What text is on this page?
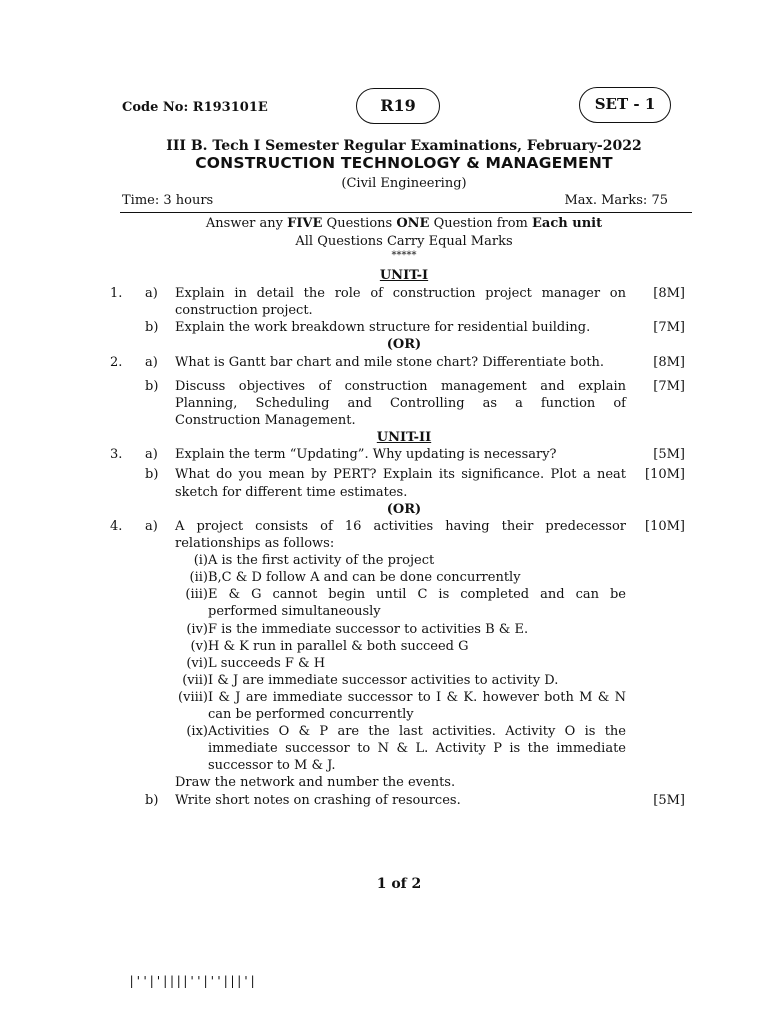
Code No: R193101E	R19	SET - 1
III B. Tech I Semester Regular Examinations, February-2022
CONSTRUCTION TECHNOLOGY & MANAGEMENT
(Civil Engineering)
Time: 3 hours	Max. Marks: 75
Answer any FIVE Questions ONE Question from Each unit
All Questions Carry Equal Marks
*****
UNIT-I
1. a) Explain in detail the role of construction project manager on
construction project.
[8M]
b) Explain the work breakdown structure for residential building.	[7M]
(OR)
2. a) What is Gantt bar chart and mile stone chart? Differentiate both.	[8M]
b) Discuss objectives of construction management and explain
Planning, Scheduling and Controlling as a function of
Construction Management.
[7M]
UNIT-II
3. a) Explain the term “Updating”. Why updating is necessary?	[5M]
b) What do you mean by PERT? Explain its significance. Plot a neat
sketch for different time estimates.
[10M]
(OR)
4. a) A project consists of 16 activities having their predecessor
relationships as follows:
[10M]
(i) A is the first activity of the project
(ii) B,C & D follow A and can be done concurrently
(iii) E & G cannot begin until C is completed and can be
performed simultaneously
(iv) F is the immediate successor to activities B & E.
(v) H & K run in parallel & both succeed G
(vi) L succeeds F & H
(vii) I & J are immediate successor activities to activity D.
(viii) I & J are immediate successor to I & K. however both M & N
can be performed concurrently
(ix) Activities O & P are the last activities. Activity O is the
immediate successor to N & L. Activity P is the immediate
successor to M & J.
Draw the network and number the events.
b) Write short notes on crashing of resources.	[5M]
1 of 2
|''|'||||''|''|||'|
